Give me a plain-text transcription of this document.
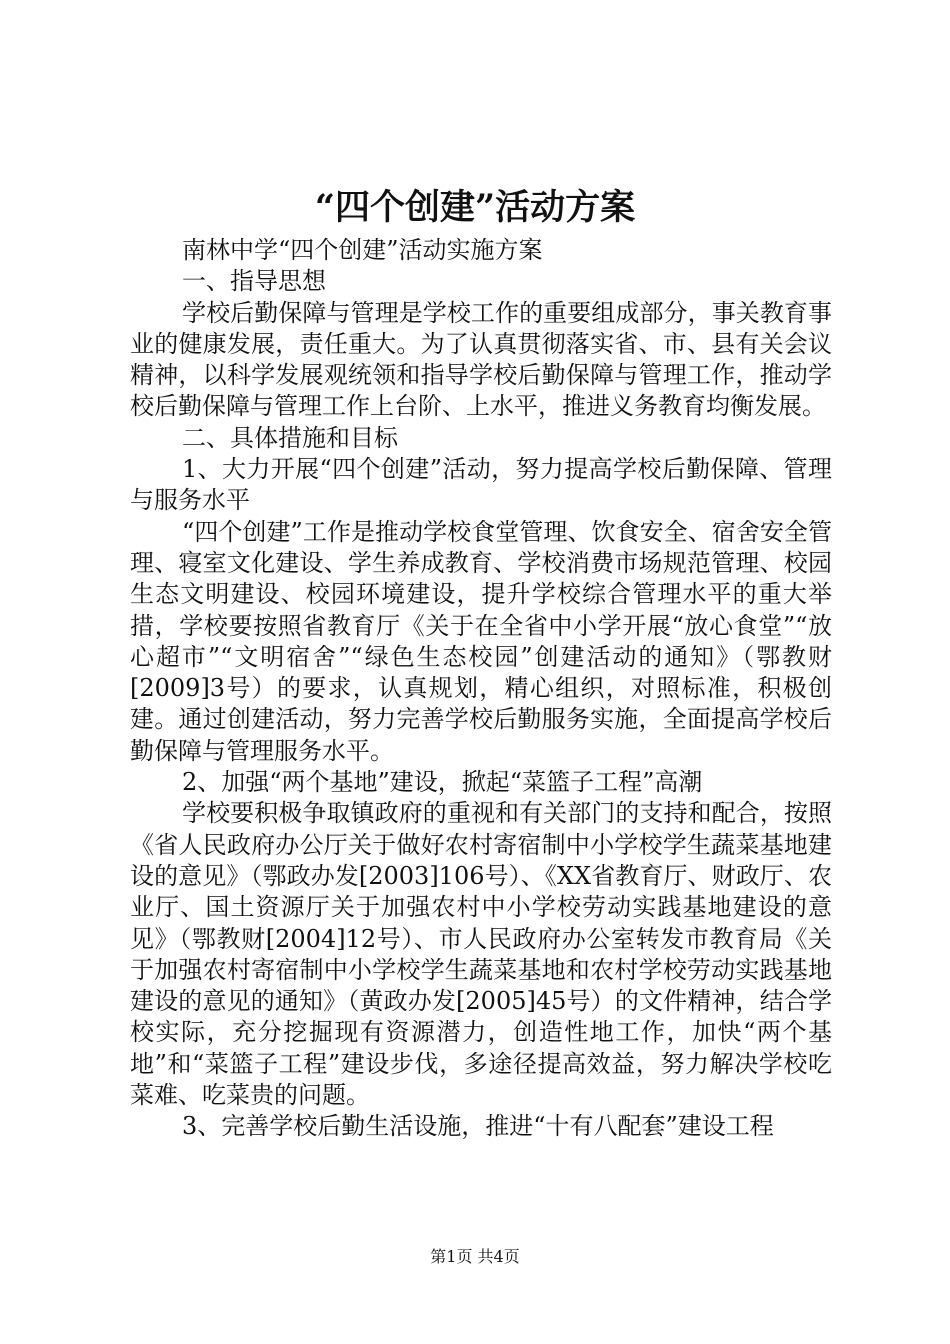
“四个创建”活动方案

南林中学“四个创建”活动实施方案

一、指导思想

学校后勤保障与管理是学校工作的重要组成部分，事关教育事业的健康发展，责任重大。为了认真贯彻落实省、市、县有关会议精神，以科学发展观统领和指导学校后勤保障与管理工作，推动学校后勤保障与管理工作上台阶、上水平，推进义务教育均衡发展。

二、具体措施和目标

1、大力开展“四个创建”活动，努力提高学校后勤保障、管理与服务水平

“四个创建”工作是推动学校食堂管理、饮食安全、宿舍安全管理、寝室文化建设、学生养成教育、学校消费市场规范管理、校园生态文明建设、校园环境建设，提升学校综合管理水平的重大举措，学校要按照省教育厅《关于在全省中小学开展“放心食堂”“放心超市”“文明宿舍”“绿色生态校园”创建活动的通知》（鄂教财[2009]3号）的要求，认真规划，精心组织，对照标准，积极创建。通过创建活动，努力完善学校后勤服务实施，全面提高学校后勤保障与管理服务水平。

2、加强“两个基地”建设，掀起“菜篮子工程”高潮

学校要积极争取镇政府的重视和有关部门的支持和配合，按照《省人民政府办公厅关于做好农村寄宿制中小学校学生蔬菜基地建设的意见》（鄂政办发[2003]106号）、《XX省教育厅、财政厅、农业厅、国土资源厅关于加强农村中小学校劳动实践基地建设的意见》（鄂教财[2004]12号）、市人民政府办公室转发市教育局《关于加强农村寄宿制中小学校学生蔬菜基地和农村学校劳动实践基地建设的意见的通知》（黄政办发[2005]45号）的文件精神，结合学校实际，充分挖掘现有资源潜力，创造性地工作，加快“两个基地”和“菜篮子工程”建设步伐，多途径提高效益，努力解决学校吃菜难、吃菜贵的问题。

3、完善学校后勤生活设施，推进“十有八配套”建设工程

第1页 共4页
